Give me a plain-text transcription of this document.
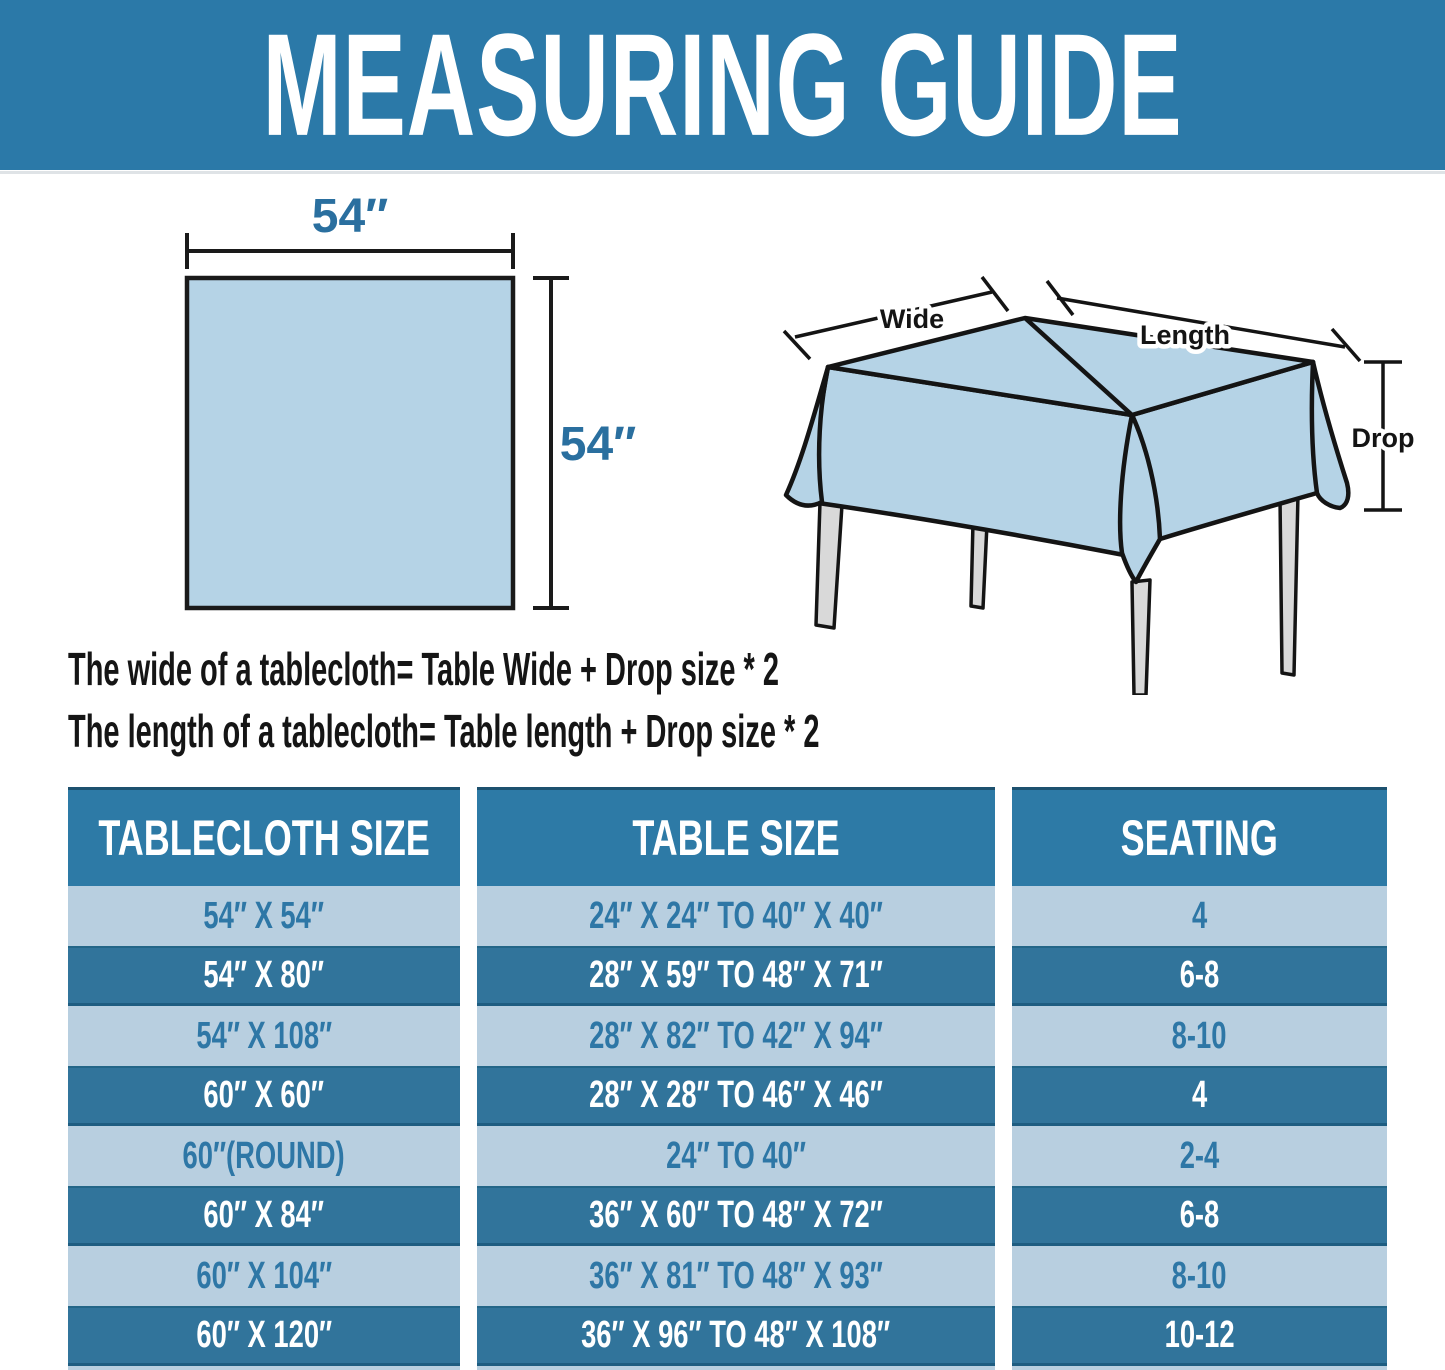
MEASURING GUIDE
54″
54″
Wide
Length
Drop
The wide of a tablecloth= Table Wide + Drop size * 2
The length of a tablecloth= Table length + Drop size * 2
TABLECLOTH SIZE	TABLE SIZE	SEATING
54″ X 54″	24″ X 24″ TO 40″ X 40″	4
54″ X 80″	28″ X 59″ TO 48″ X 71″	6-8
54″ X 108″	28″ X 82″ TO 42″ X 94″	8-10
60″ X 60″	28″ X 28″ TO 46″ X 46″	4
60″(ROUND)	24″ TO 40″	2-4
60″ X 84″	36″ X 60″ TO 48″ X 72″	6-8
60″ X 104″	36″ X 81″ TO 48″ X 93″	8-10
60″ X 120″	36″ X 96″ TO 48″ X 108″	10-12
